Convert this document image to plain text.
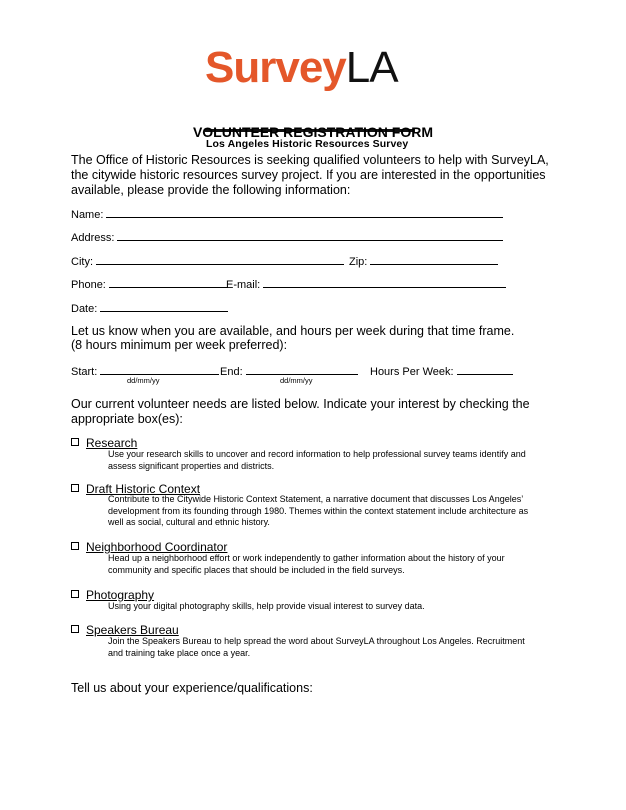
SurveyLA
Los Angeles Historic Resources Survey
VOLUNTEER REGISTRATION FORM
The Office of Historic Resources is seeking qualified volunteers to help with SurveyLA, the citywide historic resources survey project. If you are interested in the opportunities available, please provide the following information:
Name:
Address:
City:	Zip:
Phone:	E-mail:
Date:
Let us know when you are available, and hours per week during that time frame.
(8 hours minimum per week preferred):
Start:
dd/mm/yy
End:
dd/mm/yy
Hours Per Week:
Our current volunteer needs are listed below. Indicate your interest by checking the appropriate box(es):
Research
Use your research skills to uncover and record information to help professional survey teams identify and assess significant properties and districts.
Draft Historic Context
Contribute to the Citywide Historic Context Statement, a narrative document that discusses Los Angeles’ development from its founding through 1980. Themes within the context statement include architecture as well as social, cultural and ethnic history.
Neighborhood Coordinator
Head up a neighborhood effort or work independently to gather information about the history of your community and specific places that should be included in the field surveys.
Photography
Using your digital photography skills, help provide visual interest to survey data.
Speakers Bureau
Join the Speakers Bureau to help spread the word about SurveyLA throughout Los Angeles. Recruitment and training take place once a year.
Tell us about your experience/qualifications:
